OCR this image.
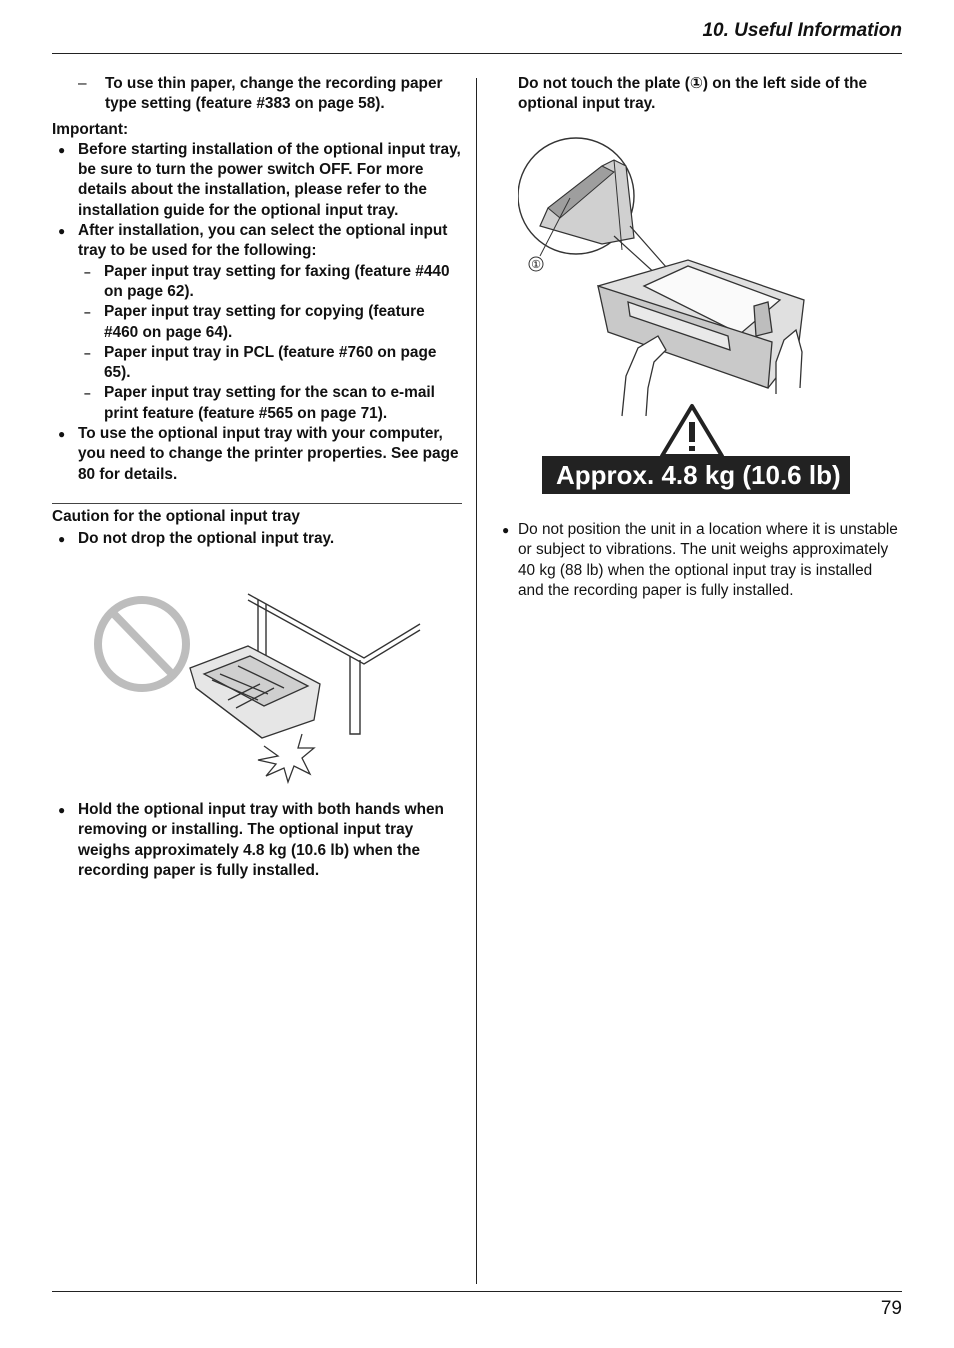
10. Useful Information
–	To use thin paper, change the recording paper type setting (feature #383 on page 58).
Important:
● Before starting installation of the optional input tray, be sure to turn the power switch OFF. For more details about the installation, please refer to the installation guide for the optional input tray.
● After installation, you can select the optional input tray to be used for the following:
– Paper input tray setting for faxing (feature #440 on page 62).
– Paper input tray setting for copying (feature #460 on page 64).
– Paper input tray in PCL (feature #760 on page 65).
– Paper input tray setting for the scan to e-mail print feature (feature #565 on page 71).
● To use the optional input tray with your computer, you need to change the printer properties. See page 80 for details.
Caution for the optional input tray
● Do not drop the optional input tray.
● Hold the optional input tray with both hands when removing or installing. The optional input tray weighs approximately 4.8 kg (10.6 lb) when the recording paper is fully installed.
Do not touch the plate (①) on the left side of the optional input tray.
①
Approx. 4.8 kg (10.6 lb)
● Do not position the unit in a location where it is unstable or subject to vibrations. The unit weighs approximately 40 kg (88 lb) when the optional input tray is installed and the recording paper is fully installed.
79
